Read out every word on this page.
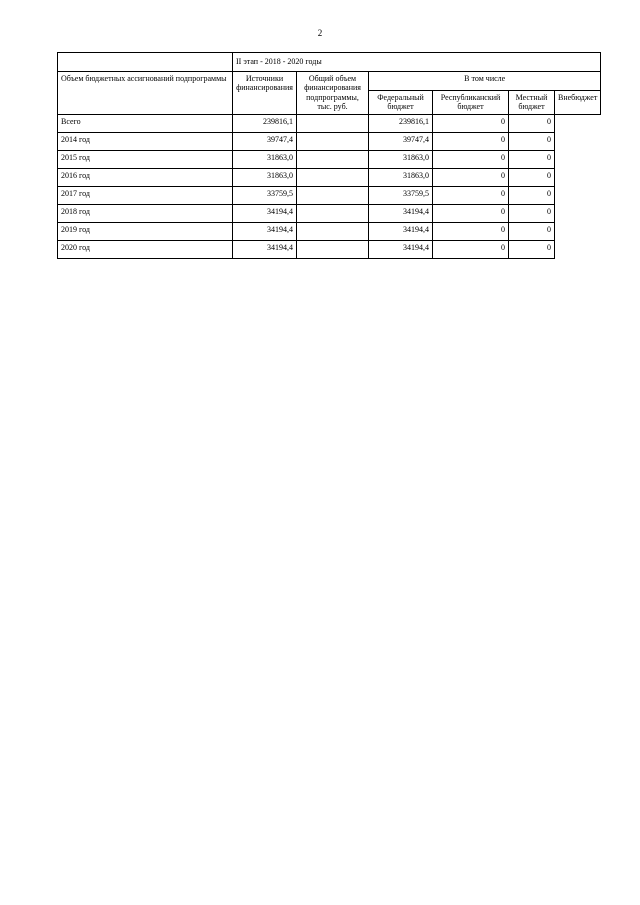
2
	II этап - 2018 - 2020 годы					
Объем бюджетных ассигнований подпрограммы	Источники финансирования	Общий объем финансирования подпрограммы, тыс. руб.	В том числе			
			Федеральный бюджет	Республиканский бюджет	Местный бюджет	Внебюджет
Всего	239816,1		239816,1	0	0	
2014 год	39747,4		39747,4	0	0	
2015 год	31863,0		31863,0	0	0	
2016 год	31863,0		31863,0	0	0	
2017 год	33759,5		33759,5	0	0	
2018 год	34194,4		34194,4	0	0	
2019 год	34194,4		34194,4	0	0	
2020 год	34194,4		34194,4	0	0	
